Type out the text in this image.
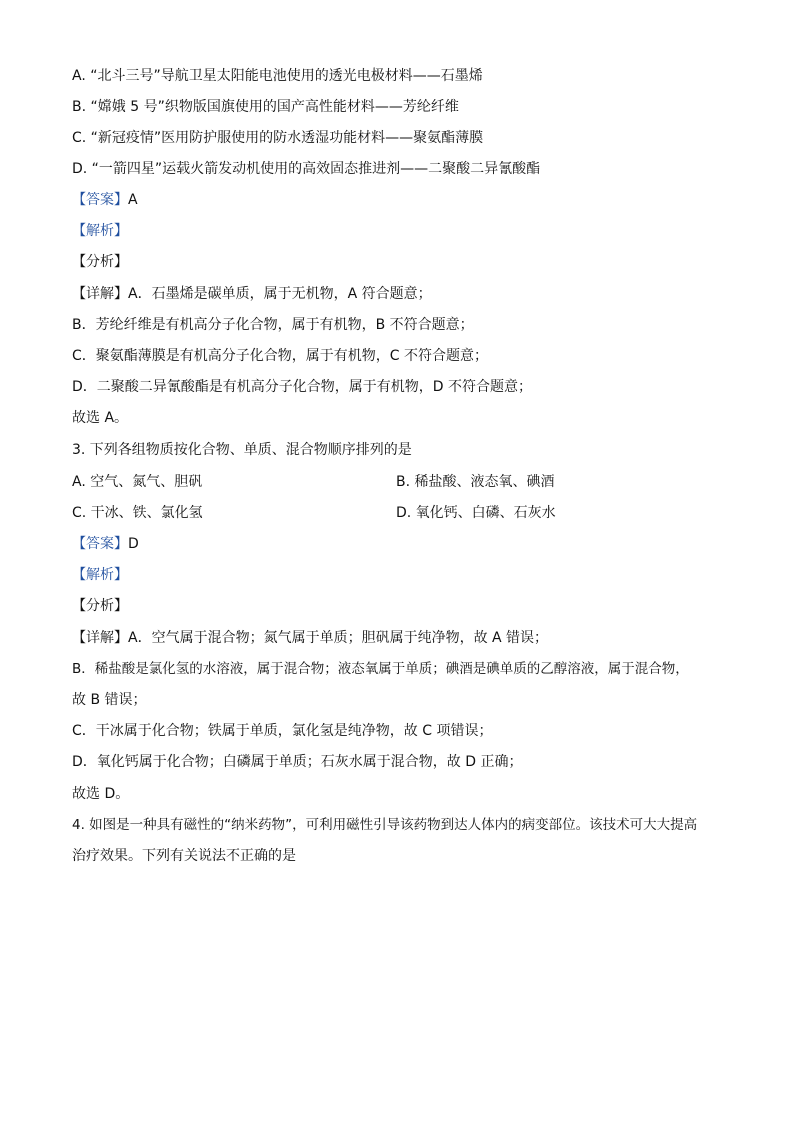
A. “北斗三号”导航卫星太阳能电池使用的透光电极材料——石墨烯
B. “嫦娥 5 号”织物版国旗使用的国产高性能材料——芳纶纤维
C. “新冠疫情”医用防护服使用的防水透湿功能材料——聚氨酯薄膜
D. “一箭四星”运载火箭发动机使用的高效固态推进剂——二聚酸二异氰酸酯
【答案】A
【解析】
【分析】
【详解】A．石墨烯是碳单质，属于无机物，A 符合题意；
B．芳纶纤维是有机高分子化合物，属于有机物，B 不符合题意；
C．聚氨酯薄膜是有机高分子化合物，属于有机物，C 不符合题意；
D．二聚酸二异氰酸酯是有机高分子化合物，属于有机物，D 不符合题意；
故选 A。
3. 下列各组物质按化合物、单质、混合物顺序排列的是
A. 空气、氮气、胆矾	B. 稀盐酸、液态氧、碘酒
C. 干冰、铁、氯化氢	D. 氧化钙、白磷、石灰水
【答案】D
【解析】
【分析】
【详解】A．空气属于混合物；氮气属于单质；胆矾属于纯净物，故 A 错误；
B．稀盐酸是氯化氢的水溶液，属于混合物；液态氧属于单质；碘酒是碘单质的乙醇溶液，属于混合物，
故 B 错误；
C．干冰属于化合物；铁属于单质，氯化氢是纯净物，故 C 项错误；
D．氧化钙属于化合物；白磷属于单质；石灰水属于混合物，故 D 正确；
故选 D。
4. 如图是一种具有磁性的“纳米药物”，可利用磁性引导该药物到达人体内的病变部位。该技术可大大提高
治疗效果。下列有关说法不正确的是
